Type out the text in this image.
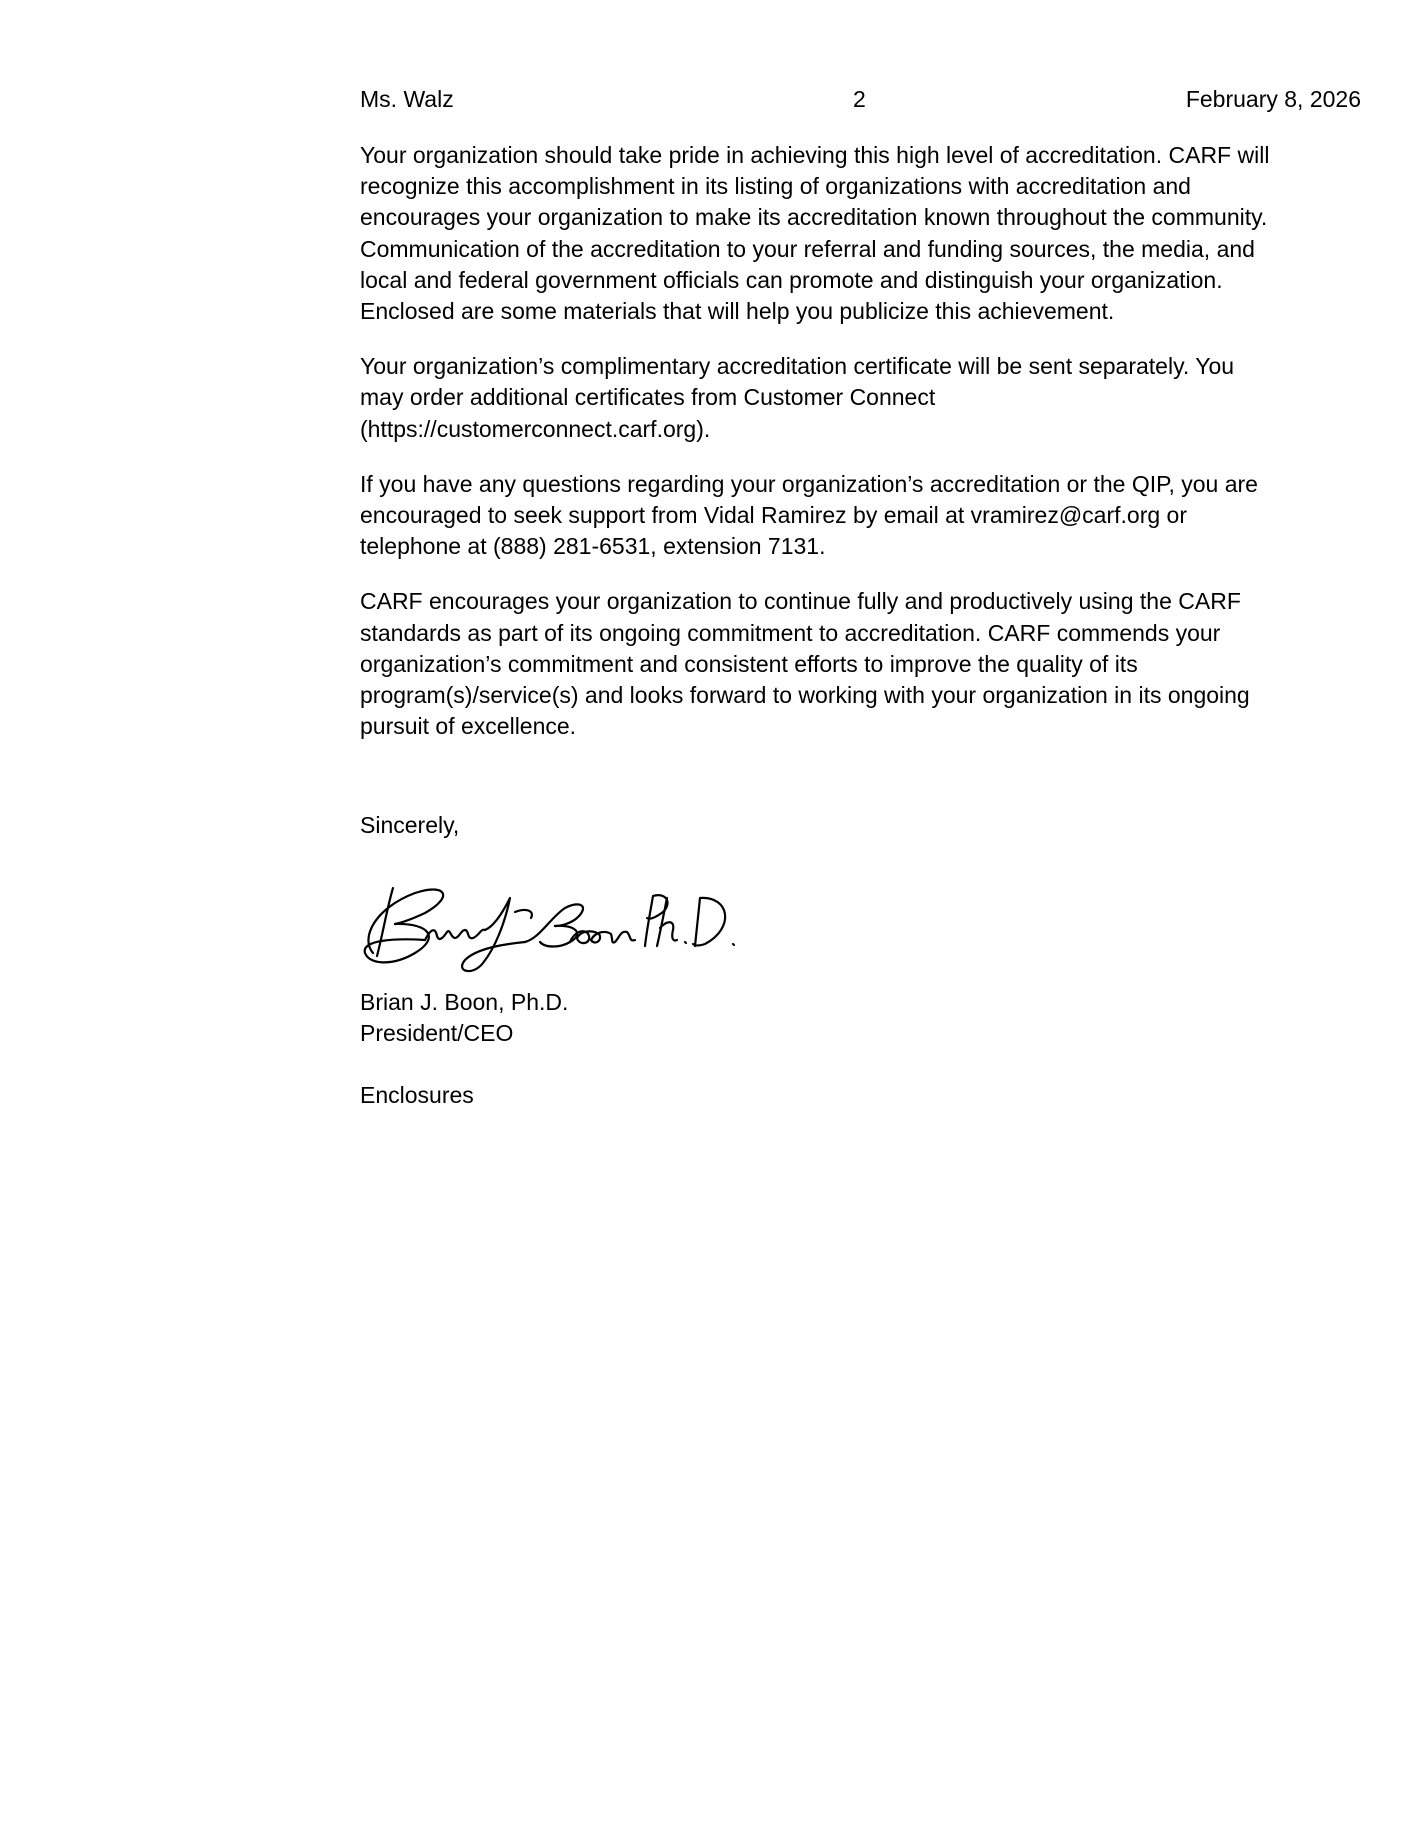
Ms. Walz	2	February 8, 2026

Your organization should take pride in achieving this high level of accreditation. CARF will recognize this accomplishment in its listing of organizations with accreditation and encourages your organization to make its accreditation known throughout the community. Communication of the accreditation to your referral and funding sources, the media, and local and federal government officials can promote and distinguish your organization. Enclosed are some materials that will help you publicize this achievement.

Your organization’s complimentary accreditation certificate will be sent separately. You may order additional certificates from Customer Connect (https://customerconnect.carf.org).

If you have any questions regarding your organization’s accreditation or the QIP, you are encouraged to seek support from Vidal Ramirez by email at vramirez@carf.org or telephone at (888) 281-6531, extension 7131.

CARF encourages your organization to continue fully and productively using the CARF standards as part of its ongoing commitment to accreditation. CARF commends your organization’s commitment and consistent efforts to improve the quality of its program(s)/service(s) and looks forward to working with your organization in its ongoing pursuit of excellence.

Sincerely,
Brian J. Boon, Ph.D.
President/CEO
Enclosures
